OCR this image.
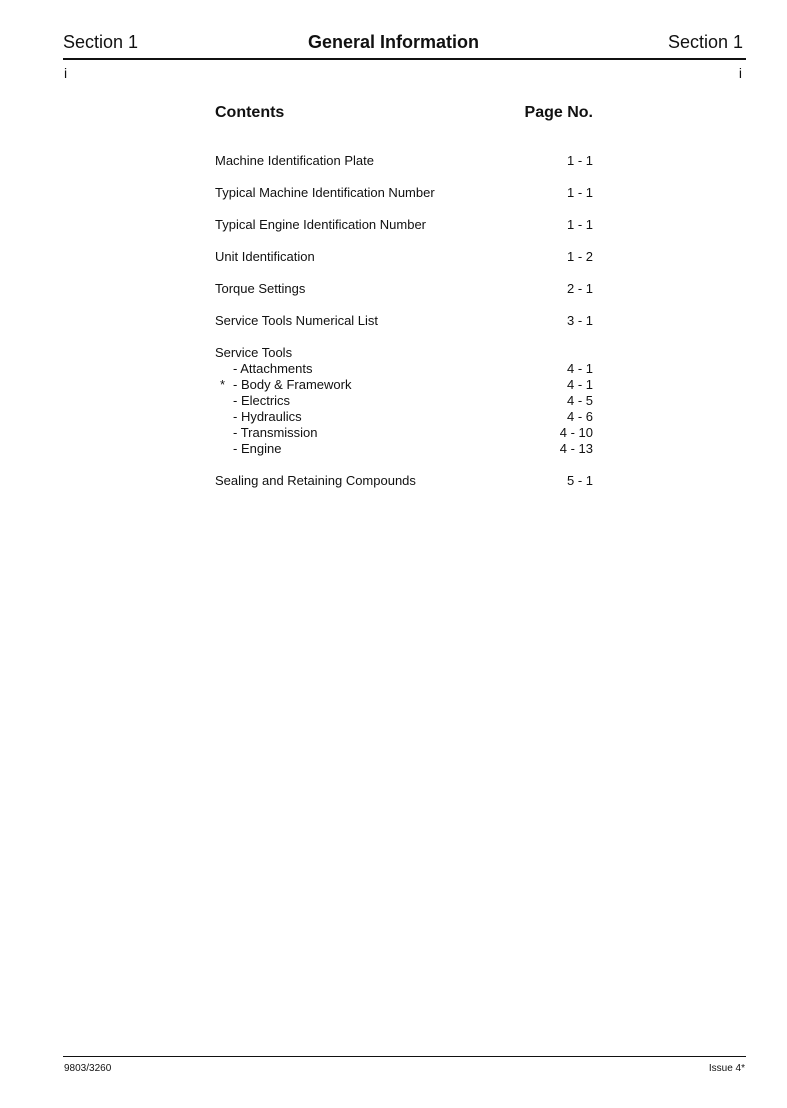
Section 1	General Information	Section 1
i	i
Contents	Page No.
Machine Identification Plate	1 - 1
Typical Machine Identification Number	1 - 1
Typical Engine Identification Number	1 - 1
Unit Identification	1 - 2
Torque Settings	2 - 1
Service Tools Numerical List	3 - 1
Service Tools
- Attachments	4 - 1
* - Body & Framework	4 - 1
- Electrics	4 - 5
- Hydraulics	4 - 6
- Transmission	4 - 10
- Engine	4 - 13
Sealing and Retaining Compounds	5 - 1
9803/3260	Issue 4*
